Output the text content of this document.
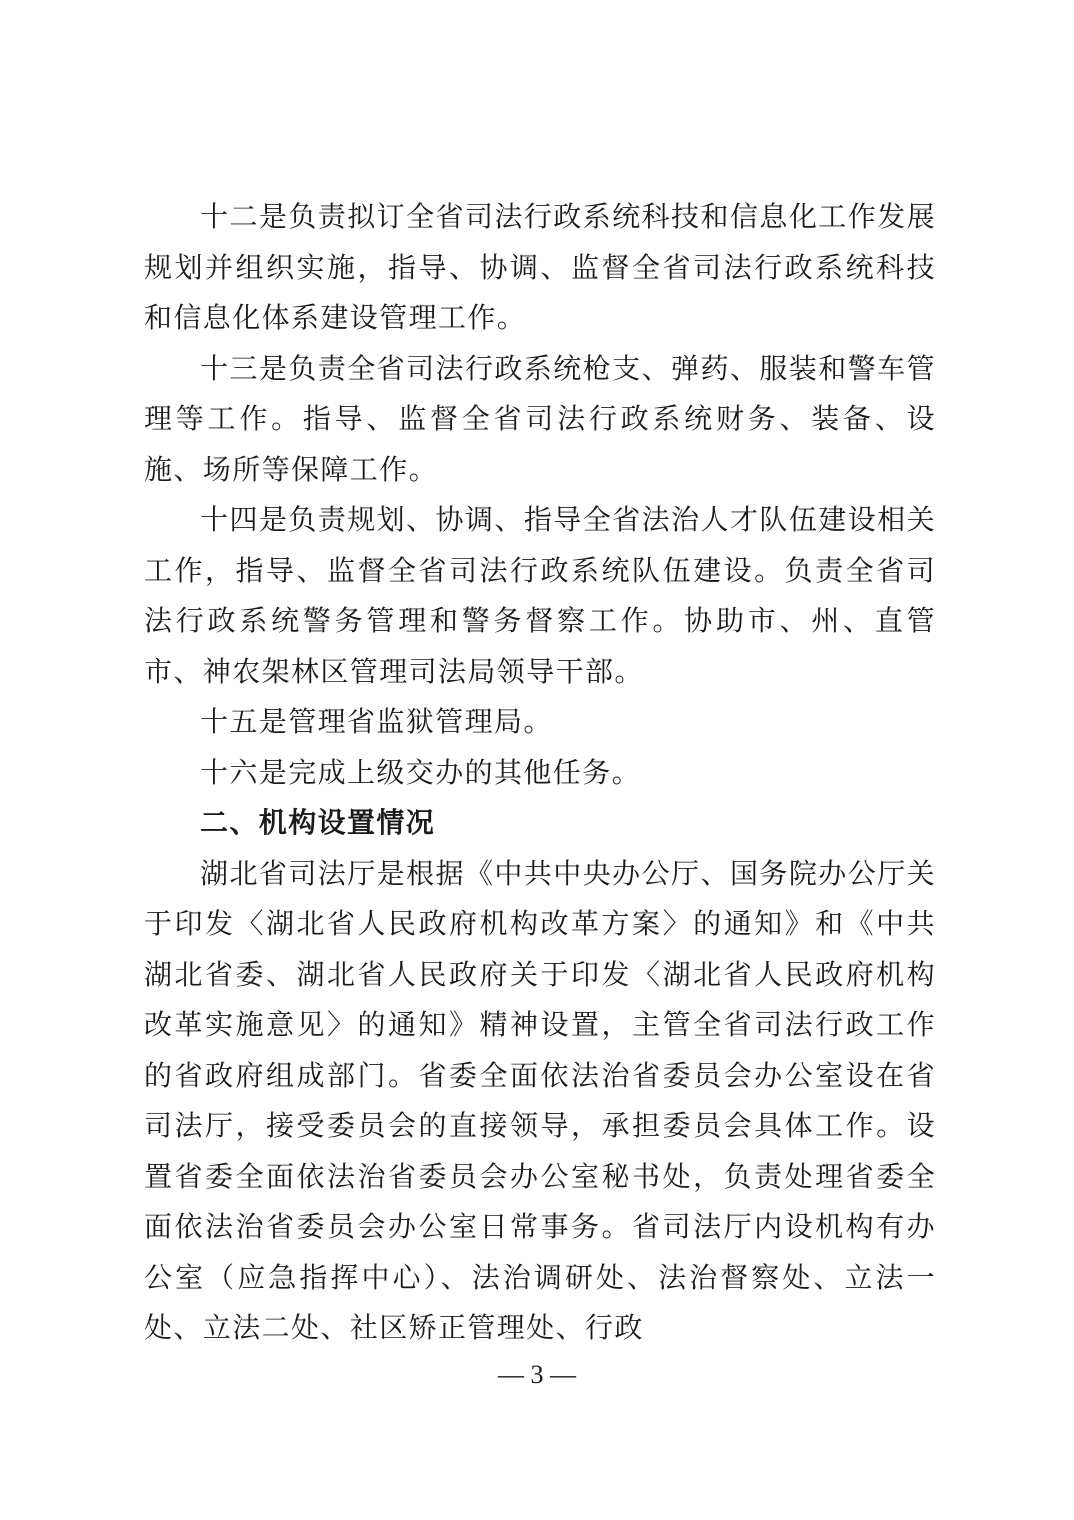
十二是负责拟订全省司法行政系统科技和信息化工作发展规划并组织实施，指导、协调、监督全省司法行政系统科技和信息化体系建设管理工作。

十三是负责全省司法行政系统枪支、弹药、服装和警车管理等工作。指导、监督全省司法行政系统财务、装备、设施、场所等保障工作。

十四是负责规划、协调、指导全省法治人才队伍建设相关工作，指导、监督全省司法行政系统队伍建设。负责全省司法行政系统警务管理和警务督察工作。协助市、州、直管市、神农架林区管理司法局领导干部。

十五是管理省监狱管理局。

十六是完成上级交办的其他任务。

二、机构设置情况

湖北省司法厅是根据《中共中央办公厅、国务院办公厅关于印发〈湖北省人民政府机构改革方案〉的通知》和《中共湖北省委、湖北省人民政府关于印发〈湖北省人民政府机构改革实施意见〉的通知》精神设置，主管全省司法行政工作的省政府组成部门。省委全面依法治省委员会办公室设在省司法厅，接受委员会的直接领导，承担委员会具体工作。设置省委全面依法治省委员会办公室秘书处，负责处理省委全面依法治省委员会办公室日常事务。省司法厅内设机构有办公室（应急指挥中心）、法治调研处、法治督察处、立法一处、立法二处、社区矫正管理处、行政

— 3 —
